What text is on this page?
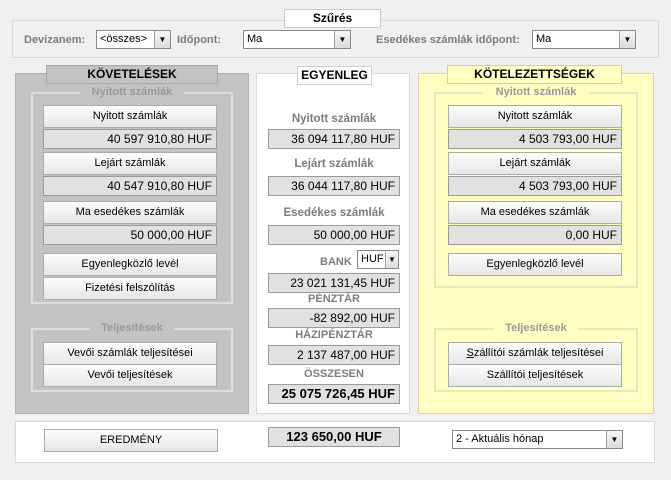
Szűrés
Devizanem:	<összes>	▼ Időpont:	Ma	▼	Esedékes számlák időpont:	Ma	▼
KÖVETELÉSEK
Nyitott számlák
Nyitott számlák
40 597 910,80 HUF
Lejárt számlák
40 547 910,80 HUF
Ma esedékes számlák
50 000,00 HUF
Egyenlegközlő levél
Fizetési felszólítás
Teljesítések
Vevői számlák teljesítései
Vevői teljesítések
EGYENLEG
Nyitott számlák
36 094 117,80 HUF
Lejárt számlák
36 044 117,80 HUF
Esedékes számlák
50 000,00 HUF
BANK HUF ▼
23 021 131,45 HUF
PÉNZTÁR
-82 892,00 HUF
HÁZIPÉNZTÁR
2 137 487,00 HUF
ÖSSZESEN
25 075 726,45 HUF
KÖTELEZETTSÉGEK
Nyitott számlák
Nyitott számlák
4 503 793,00 HUF
Lejárt számlák
4 503 793,00 HUF
Ma esedékes számlák
0,00 HUF
Egyenlegközlő levél
Teljesítések
Szállítói számlák teljesítései
Szállítói teljesítések
EREDMÉNY	123 650,00 HUF	2 - Aktuális hónap	▼
